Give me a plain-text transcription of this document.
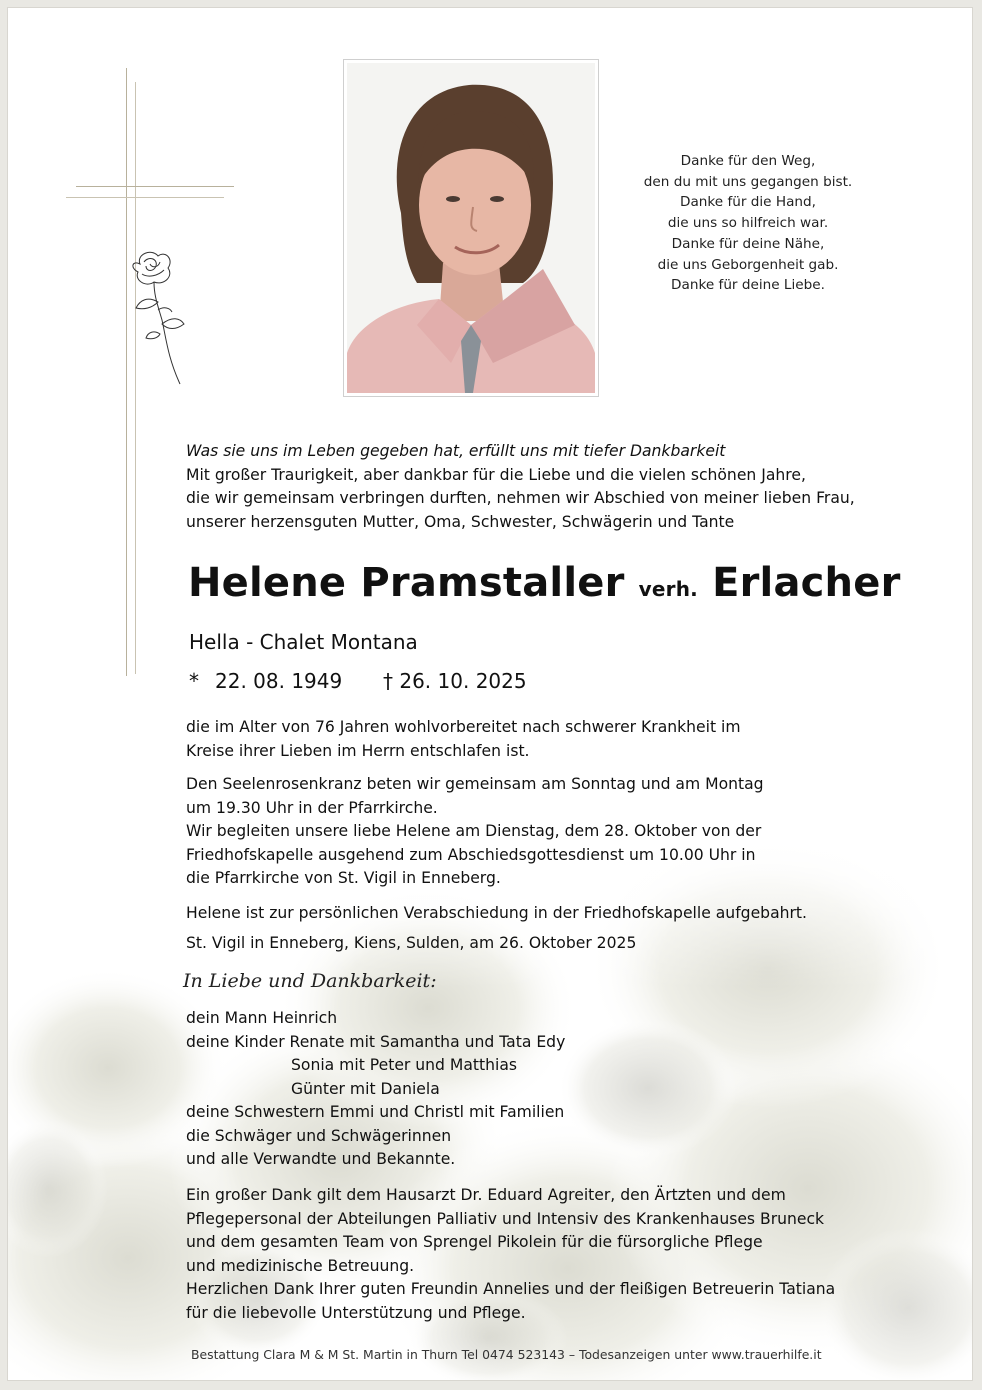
Danke für den Weg,
den du mit uns gegangen bist.
Danke für die Hand,
die uns so hilfreich war.
Danke für deine Nähe,
die uns Geborgenheit gab.
Danke für deine Liebe.
Was sie uns im Leben gegeben hat, erfüllt uns mit tiefer Dankbarkeit
Mit großer Traurigkeit, aber dankbar für die Liebe und die vielen schönen Jahre,
die wir gemeinsam verbringen durften, nehmen wir Abschied von meiner lieben Frau,
unserer herzensguten Mutter, Oma, Schwester, Schwägerin und Tante
Helene Pramstaller verh. Erlacher
Hella - Chalet Montana
* 22. 08. 1949 † 26. 10. 2025
die im Alter von 76 Jahren wohlvorbereitet nach schwerer Krankheit im
Kreise ihrer Lieben im Herrn entschlafen ist.
Den Seelenrosenkranz beten wir gemeinsam am Sonntag und am Montag
um 19.30 Uhr in der Pfarrkirche.
Wir begleiten unsere liebe Helene am Dienstag, dem 28. Oktober von der
Friedhofskapelle ausgehend zum Abschiedsgottesdienst um 10.00 Uhr in
die Pfarrkirche von St. Vigil in Enneberg.
Helene ist zur persönlichen Verabschiedung in der Friedhofskapelle aufgebahrt.
St. Vigil in Enneberg, Kiens, Sulden, am 26. Oktober 2025
In Liebe und Dankbarkeit:
dein Mann Heinrich
deine Kinder Renate mit Samantha und Tata Edy
Sonia mit Peter und Matthias
Günter mit Daniela
deine Schwestern Emmi und Christl mit Familien
die Schwäger und Schwägerinnen
und alle Verwandte und Bekannte.
Ein großer Dank gilt dem Hausarzt Dr. Eduard Agreiter, den Ärtzten und dem
Pflegepersonal der Abteilungen Palliativ und Intensiv des Krankenhauses Bruneck
und dem gesamten Team von Sprengel Pikolein für die fürsorgliche Pflege
und medizinische Betreuung.
Herzlichen Dank Ihrer guten Freundin Annelies und der fleißigen Betreuerin Tatiana
für die liebevolle Unterstützung und Pflege.
Bestattung Clara M & M St. Martin in Thurn Tel 0474 523143 – Todesanzeigen unter www.trauerhilfe.it
